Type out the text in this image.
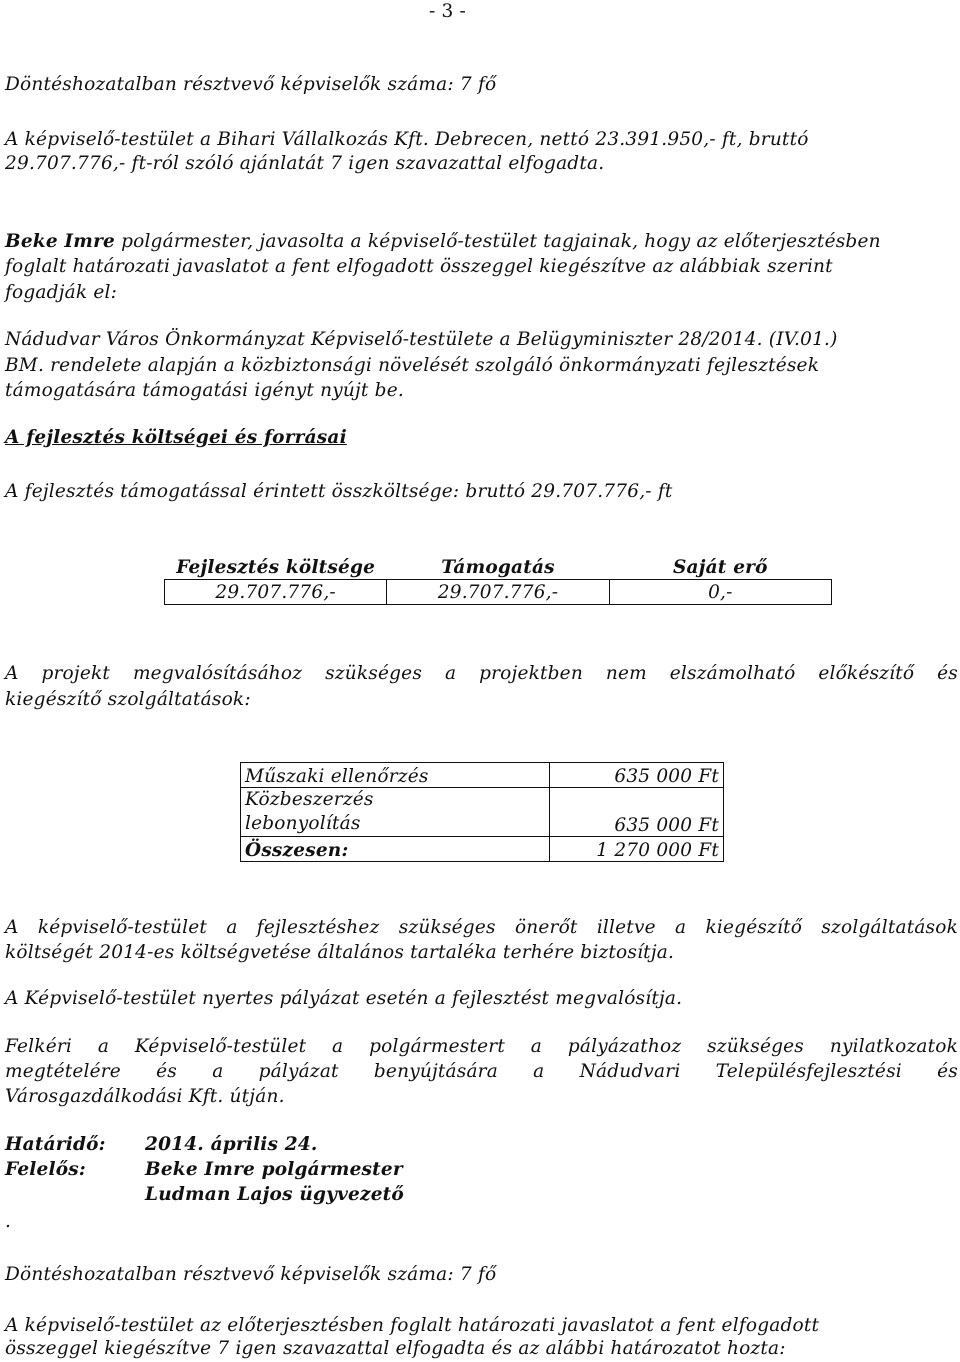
- 3 -
Döntéshozatalban résztvevő képviselők száma: 7 fő
A képviselő-testület a Bihari Vállalkozás Kft. Debrecen, nettó 23.391.950,- ft, bruttó
29.707.776,- ft-ról szóló ajánlatát 7 igen szavazattal elfogadta.
Beke Imre polgármester, javasolta a képviselő-testület tagjainak, hogy az előterjesztésben
foglalt határozati javaslatot a fent elfogadott összeggel kiegészítve az alábbiak szerint
fogadják el:
Nádudvar Város Önkormányzat Képviselő-testülete a Belügyminiszter 28/2014. (IV.01.)
BM. rendelete alapján a közbiztonsági növelését szolgáló önkormányzati fejlesztések
támogatására támogatási igényt nyújt be.
A fejlesztés költségei és forrásai
A fejlesztés támogatással érintett összköltsége: bruttó 29.707.776,- ft
Fejlesztés költsége	Támogatás	Saját erő
29.707.776,-	29.707.776,-	0,-
A projekt megvalósításához szükséges a projektben nem elszámolható előkészítő és
kiegészítő szolgáltatások:
Műszaki ellenőrzés	635 000 Ft
Közbeszerzés
lebonyolítás	635 000 Ft
Összesen:	1 270 000 Ft
A képviselő-testület a fejlesztéshez szükséges önerőt illetve a kiegészítő szolgáltatások
költségét 2014-es költségvetése általános tartaléka terhére biztosítja.
A Képviselő-testület nyertes pályázat esetén a fejlesztést megvalósítja.
Felkéri a Képviselő-testület a polgármestert a pályázathoz szükséges nyilatkozatok
megtételére és a pályázat benyújtására a Nádudvari Településfejlesztési és
Városgazdálkodási Kft. útján.
Határidő: 2014. április 24.
Felelős:	Beke Imre polgármester
Ludman Lajos ügyvezető
.
Döntéshozatalban résztvevő képviselők száma: 7 fő
A képviselő-testület az előterjesztésben foglalt határozati javaslatot a fent elfogadott
összeggel kiegészítve 7 igen szavazattal elfogadta és az alábbi határozatot hozta:
